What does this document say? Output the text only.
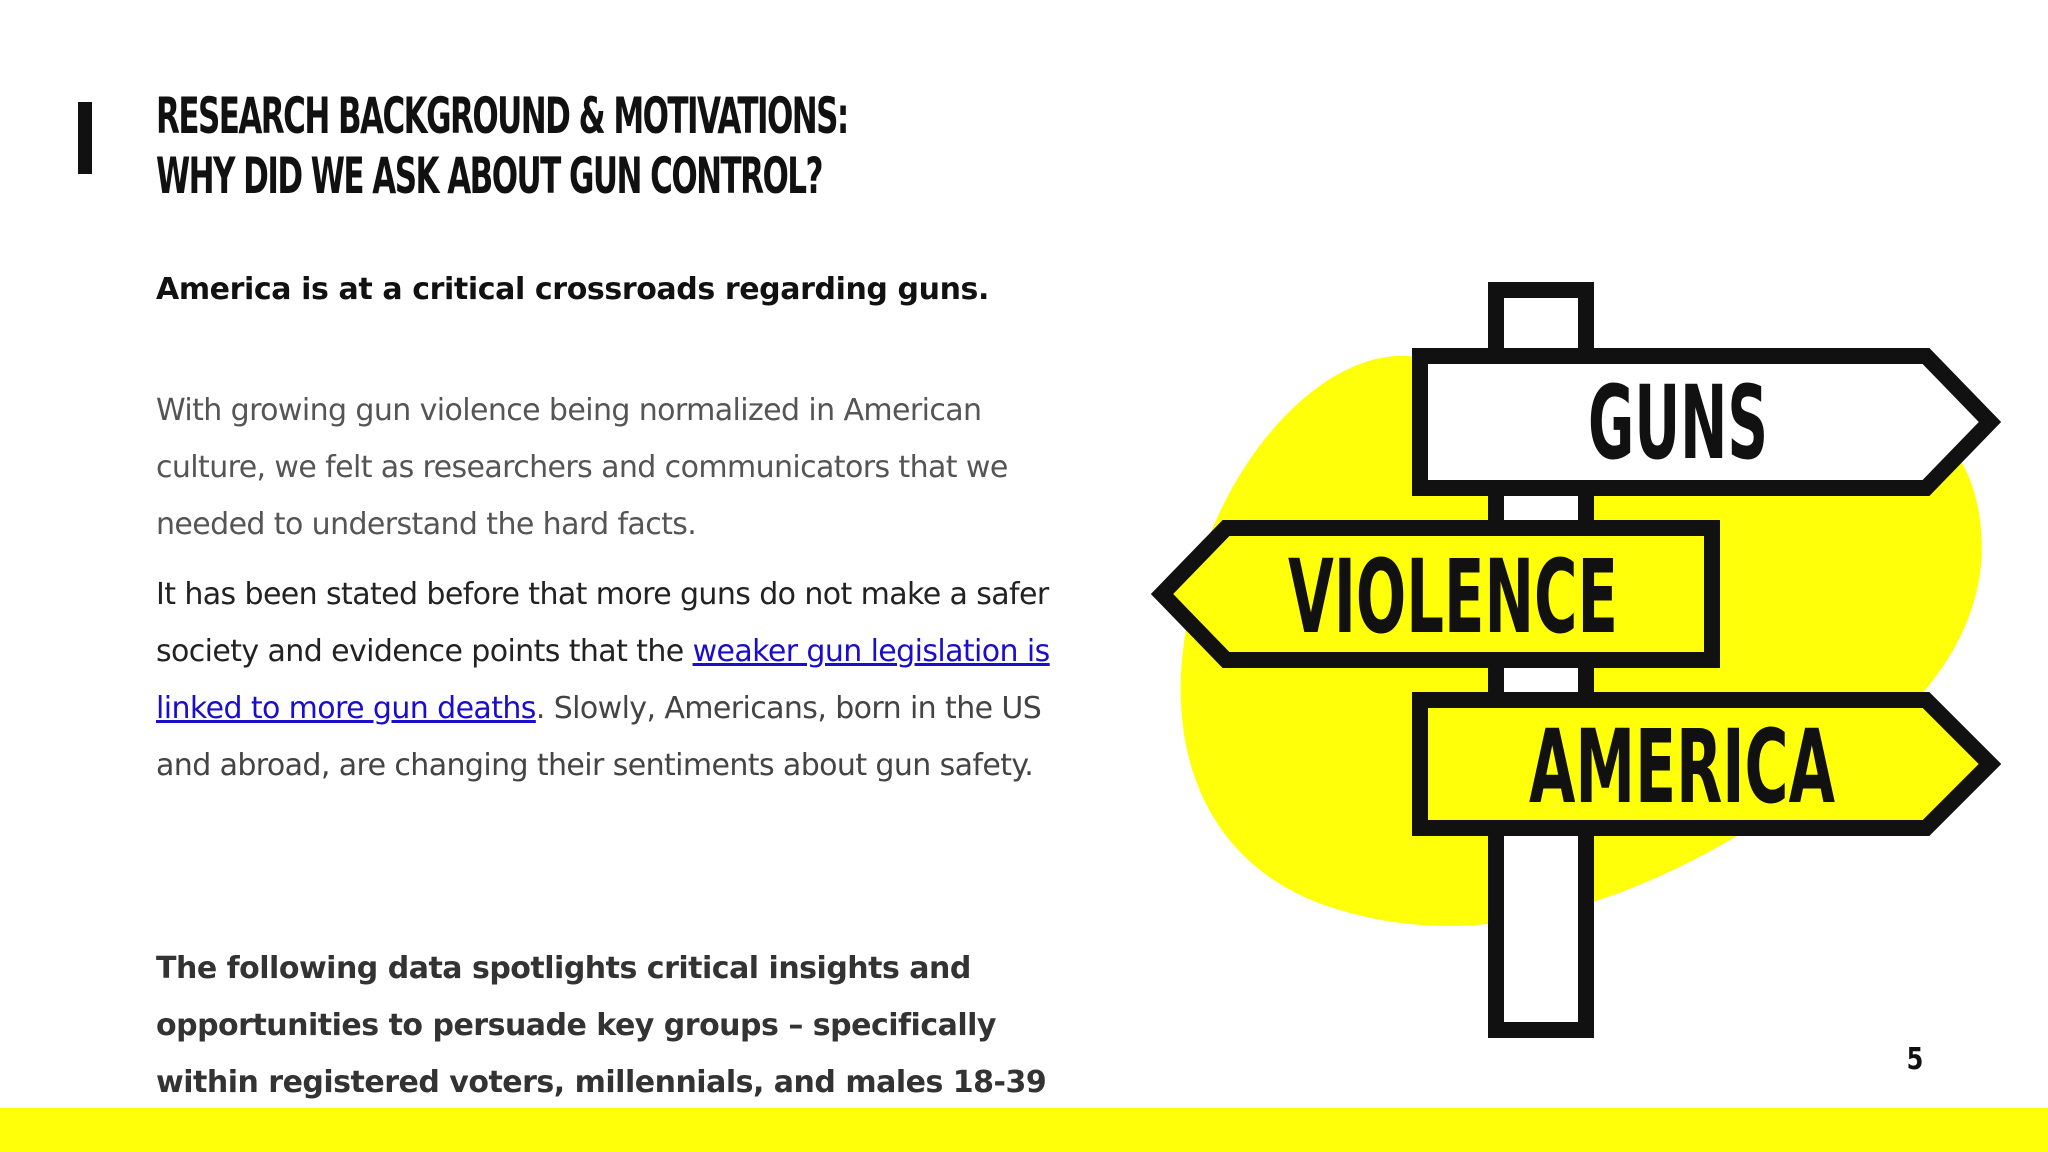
RESEARCH BACKGROUND & MOTIVATIONS:
WHY DID WE ASK ABOUT GUN CONTROL?
America is at a critical crossroads regarding guns.
With growing gun violence being normalized in American culture, we felt as researchers and communicators that we needed to understand the hard facts.
It has been stated before that more guns do not make a safer society and evidence points that the weaker gun legislation is linked to more gun deaths. Slowly, Americans, born in the US and abroad, are changing their sentiments about gun safety.
The following data spotlights critical insights and opportunities to persuade key groups – specifically within registered voters, millennials, and males 18-39
GUNS
VIOLENCE
AMERICA
5
